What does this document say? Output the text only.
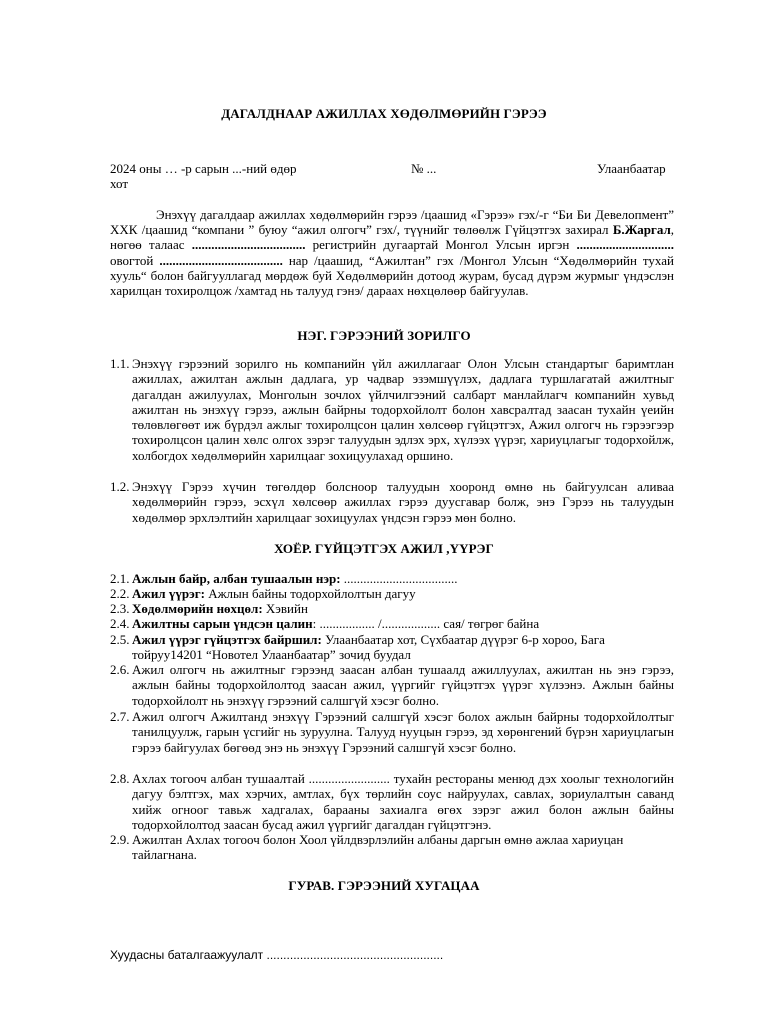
ДАГАЛДНААР АЖИЛЛАХ ХӨДӨЛМӨРИЙН ГЭРЭЭ
2024 оны … -р сарын ...-ний өдөр	№ ...	Улаанбаатар
хот
Энэхүү дагалдаар ажиллах хөдөлмөрийн гэрээ /цаашид «Гэрээ» гэх/-г “Би Би Девелопмент” ХХК /цаашид “компани ” буюу “ажил олгогч” гэх/, түүнийг төлөөлж Гүйцэтгэх захирал Б.Жаргал, нөгөө талаас ................................... регистрийн дугаартай Монгол Улсын иргэн .............................. овогтой ...................................... нар /цаашид, “Ажилтан” гэх /Монгол Улсын “Хөдөлмөрийн тухай хууль“ болон байгууллагад мөрдөж буй Хөдөлмөрийн дотоод журам, бусад дүрэм журмыг үндэслэн харилцан тохиролцож /хамтад нь талууд гэнэ/ дараах нөхцөлөөр байгуулав.
НЭГ. ГЭРЭЭНИЙ ЗОРИЛГО
1.1. Энэхүү гэрээний зорилго нь компанийн үйл ажиллагааг Олон Улсын стандартыг баримтлан ажиллах, ажилтан ажлын дадлага, ур чадвар эзэмшүүлэх, дадлага туршлагатай ажилтныг дагалдан ажилуулах, Монголын зочлох үйлчилгээний салбарт манлайлагч компанийн хувьд ажилтан нь энэхүү гэрээ, ажлын байрны тодорхойлолт болон хавсралтад заасан тухайн үеийн төлөвлөгөөт иж бүрдэл ажлыг тохиролцсон цалин хөлсөөр гүйцэтгэх, Ажил олгогч нь гэрээгээр тохиролцсон цалин хөлс олгох зэрэг талуудын эдлэх эрх, хүлээх үүрэг, хариуцлагыг тодорхойлж, холбогдох хөдөлмөрийн харилцааг зохицуулахад оршино.
1.2. Энэхүү Гэрээ хүчин төгөлдөр болсноор талуудын хооронд өмнө нь байгуулсан аливаа хөдөлмөрийн гэрээ, эсхүл хөлсөөр ажиллах гэрээ дуусгавар болж, энэ Гэрээ нь талуудын хөдөлмөр эрхлэлтийн харилцааг зохицуулах үндсэн гэрээ мөн болно.
ХОЁР. ГҮЙЦЭТГЭХ АЖИЛ ,ҮҮРЭГ
2.1. Ажлын байр, албан тушаалын нэр: ...................................
2.2. Ажил үүрэг: Ажлын байны тодорхойлолтын дагуу
2.3. Хөдөлмөрийн нөхцөл: Хэвийн
2.4. Ажилтны сарын үндсэн цалин: ................. /.................. сая/ төгрөг байна
2.5. Ажил үүрэг гүйцэтгэх байршил: Улаанбаатар хот, Сүхбаатар дүүрэг 6-р хороо, Бага тойруу14201 “Новотел Улаанбаатар” зочид буудал
2.6. Ажил олгогч нь ажилтныг гэрээнд заасан албан тушаалд ажиллуулах, ажилтан нь энэ гэрээ, ажлын байны тодорхойлолтод заасан ажил, үүргийг гүйцэтгэх үүрэг хүлээнэ. Ажлын байны тодорхойлолт нь энэхүү гэрээний салшгүй хэсэг болно.
2.7. Ажил олгогч Ажилтанд энэхүү Гэрээний салшгүй хэсэг болох ажлын байрны тодорхойлолтыг танилцуулж, гарын үсгийг нь зуруулна. Талууд нууцын гэрээ, эд хөрөнгений бүрэн хариуцлагын гэрээ байгуулах бөгөөд энэ нь энэхүү Гэрээний салшгүй хэсэг болно.
2.8. Ахлах тогооч албан тушаалтай ......................... тухайн рестораны менюд дэх хоолыг технологийн дагуу бэлтгэх, мах хэрчих, амтлах, бүх төрлийн соус найруулах, савлах, зориулалтын саванд хийж огноог тавьж хадгалах, барааны захиалга өгөх зэрэг ажил болон ажлын байны тодорхойлолтод заасан бусад ажил үүргийг дагалдан гүйцэтгэнэ.
2.9. Ажилтан Ахлах тогооч болон Хоол үйлдвэрлэлийн албаны даргын өмнө ажлаа хариуцан тайлагнана.
ГУРАВ. ГЭРЭЭНИЙ ХУГАЦАА
Хуудасны баталгаажуулалт .....................................................
